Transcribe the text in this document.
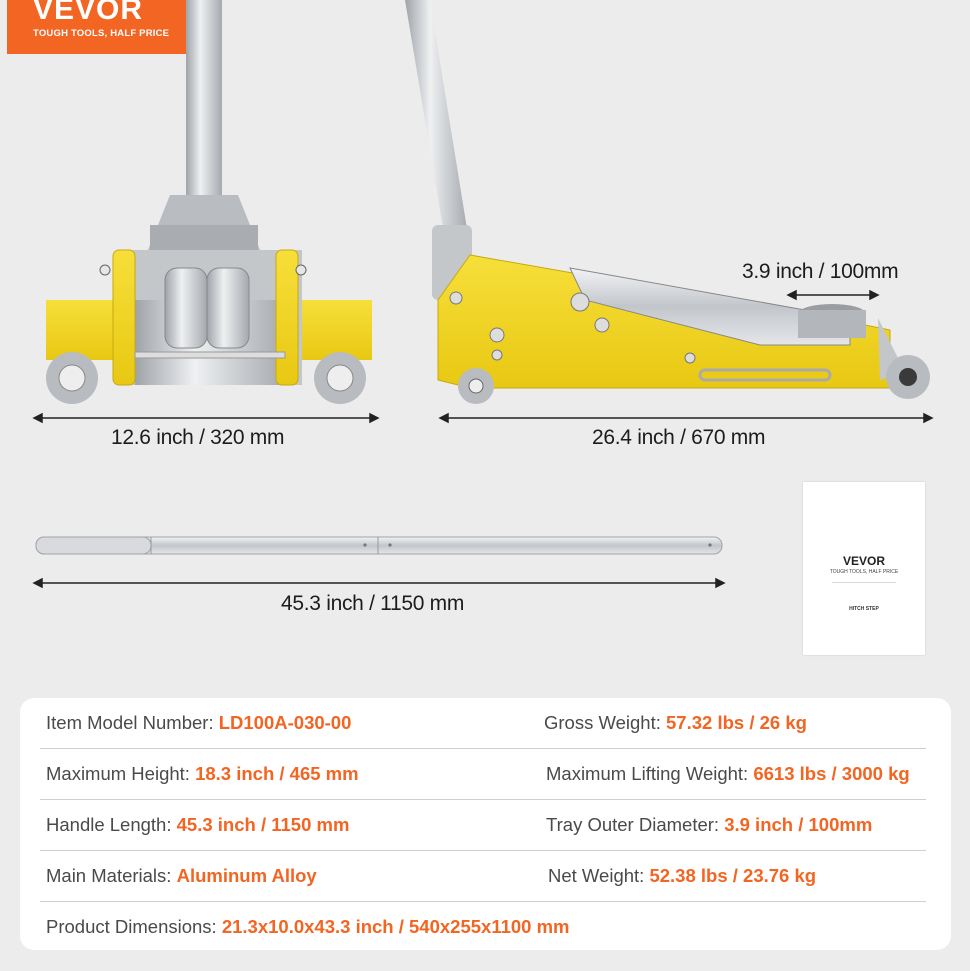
VEVOR
TOUGH TOOLS, HALF PRICE
12.6 inch / 320 mm	26.4 inch / 670 mm
3.9 inch / 100mm
45.3 inch / 1150 mm
VEVOR
TOUGH TOOLS, HALF PRICE
————————————————
HITCH STEP
Item Model Number: LD100A-030-00	Gross Weight: 57.32 lbs / 26 kg
Maximum Height: 18.3 inch / 465 mm	Maximum Lifting Weight: 6613 lbs / 3000 kg
Handle Length: 45.3 inch / 1150 mm	Tray Outer Diameter: 3.9 inch / 100mm
Main Materials: Aluminum Alloy	Net Weight: 52.38 lbs / 23.76 kg
Product Dimensions: 21.3x10.0x43.3 inch / 540x255x1100 mm
